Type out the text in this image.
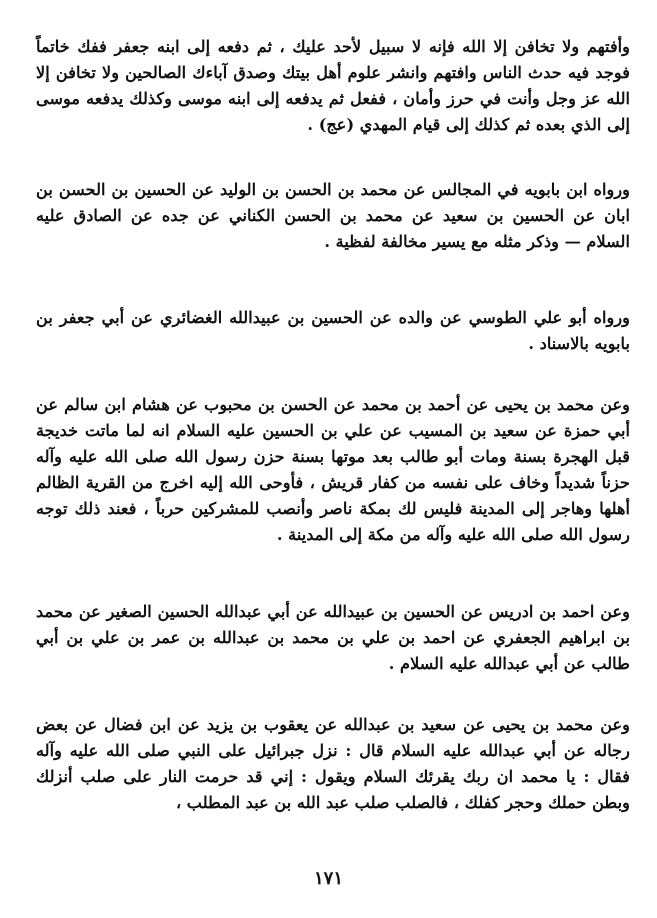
وأفتهم ولا تخافن إلا الله فإنه لا سبيل لأحد عليك ، ثم دفعه إلى ابنه جعفر ففك خاتماً فوجد فيه حدث الناس وافتهم وانشر علوم أهل بيتك وصدق آباءك الصالحين ولا تخافن إلا الله عز وجل وأنت في حرز وأمان ، ففعل ثم يدفعه إلى ابنه موسى وكذلك يدفعه موسى إلى الذي بعده ثم كذلك إلى قيام المهدي (عج) .

ورواه ابن بابويه في المجالس عن محمد بن الحسن بن الوليد عن الحسين بن الحسن بن ابان عن الحسين بن سعيد عن محمد بن الحسن الكناني عن جده عن الصادق عليه السلام — وذكر مثله مع يسير مخالفة لفظية .

ورواه أبو علي الطوسي عن والده عن الحسين بن عبيدالله الغضائري عن أبي جعفر بن بابويه بالاسناد .

وعن محمد بن يحيى عن أحمد بن محمد عن الحسن بن محبوب عن هشام ابن سالم عن أبي حمزة عن سعيد بن المسيب عن علي بن الحسين عليه السلام انه لما ماتت خديجة قبل الهجرة بسنة ومات أبو طالب بعد موتها بسنة حزن رسول الله صلى الله عليه وآله حزناً شديداً وخاف على نفسه من كفار قريش ، فأوحى الله إليه اخرج من القرية الظالم أهلها وهاجر إلى المدينة فليس لك بمكة ناصر وأنصب للمشركين حرباً ، فعند ذلك توجه رسول الله صلى الله عليه وآله من مكة إلى المدينة .

وعن احمد بن ادريس عن الحسين بن عبيدالله عن أبي عبدالله الحسين الصغير عن محمد بن ابراهيم الجعفري عن احمد بن علي بن محمد بن عبدالله بن عمر بن علي بن أبي طالب عن أبي عبدالله عليه السلام .

وعن محمد بن يحيى عن سعيد بن عبدالله عن يعقوب بن يزيد عن ابن فضال عن بعض رجاله عن أبي عبدالله عليه السلام قال : نزل جبرائيل على النبي صلى الله عليه وآله فقال : يا محمد ان ربك يقرئك السلام ويقول : إني قد حرمت النار على صلب أنزلك وبطن حملك وحجر كفلك ، فالصلب صلب عبد الله بن عبد المطلب ،

١٧١
